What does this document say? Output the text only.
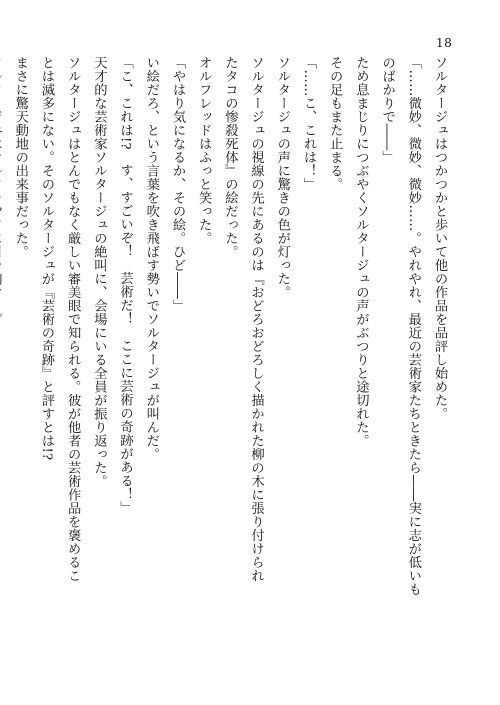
18

ソルタージュはつかつかと歩いて他の作品を品評し始めた。

「……微妙、微妙、微妙……。やれやれ、最近の芸術家たちときたら――実に志が低いも

のばかりで――」

ため息まじりにつぶやくソルタージュの声がぶつりと途切れた。

その足もまた止まる。

「……こ、これは！」

ソルタージュの声に驚きの色が灯った。

ソルタージュの視線の先にあるのは『おどろおどろしく描かれた柳の木に張り付けられ

たタコの惨殺死体』の絵だった。

オルフレッドはふっと笑った。

「やはり気になるか、その絵。ひど――」

い絵だろ、という言葉を吹き飛ばす勢いでソルタージュが叫んだ。

「こ、これは!?　す、すごいぞ！　芸術だ！　ここに芸術の奇跡がある！」

天才的な芸術家ソルタージュの絶叫に、会場にいる全員が振り返った。

ソルタージュはとんでもなく厳しい審美眼で知られる。彼が他者の芸術作品を褒めるこ

とは滅多にない。そのソルタージュが『芸術の奇跡』と評すとは!?

まさに驚天動地の出来事だった。
